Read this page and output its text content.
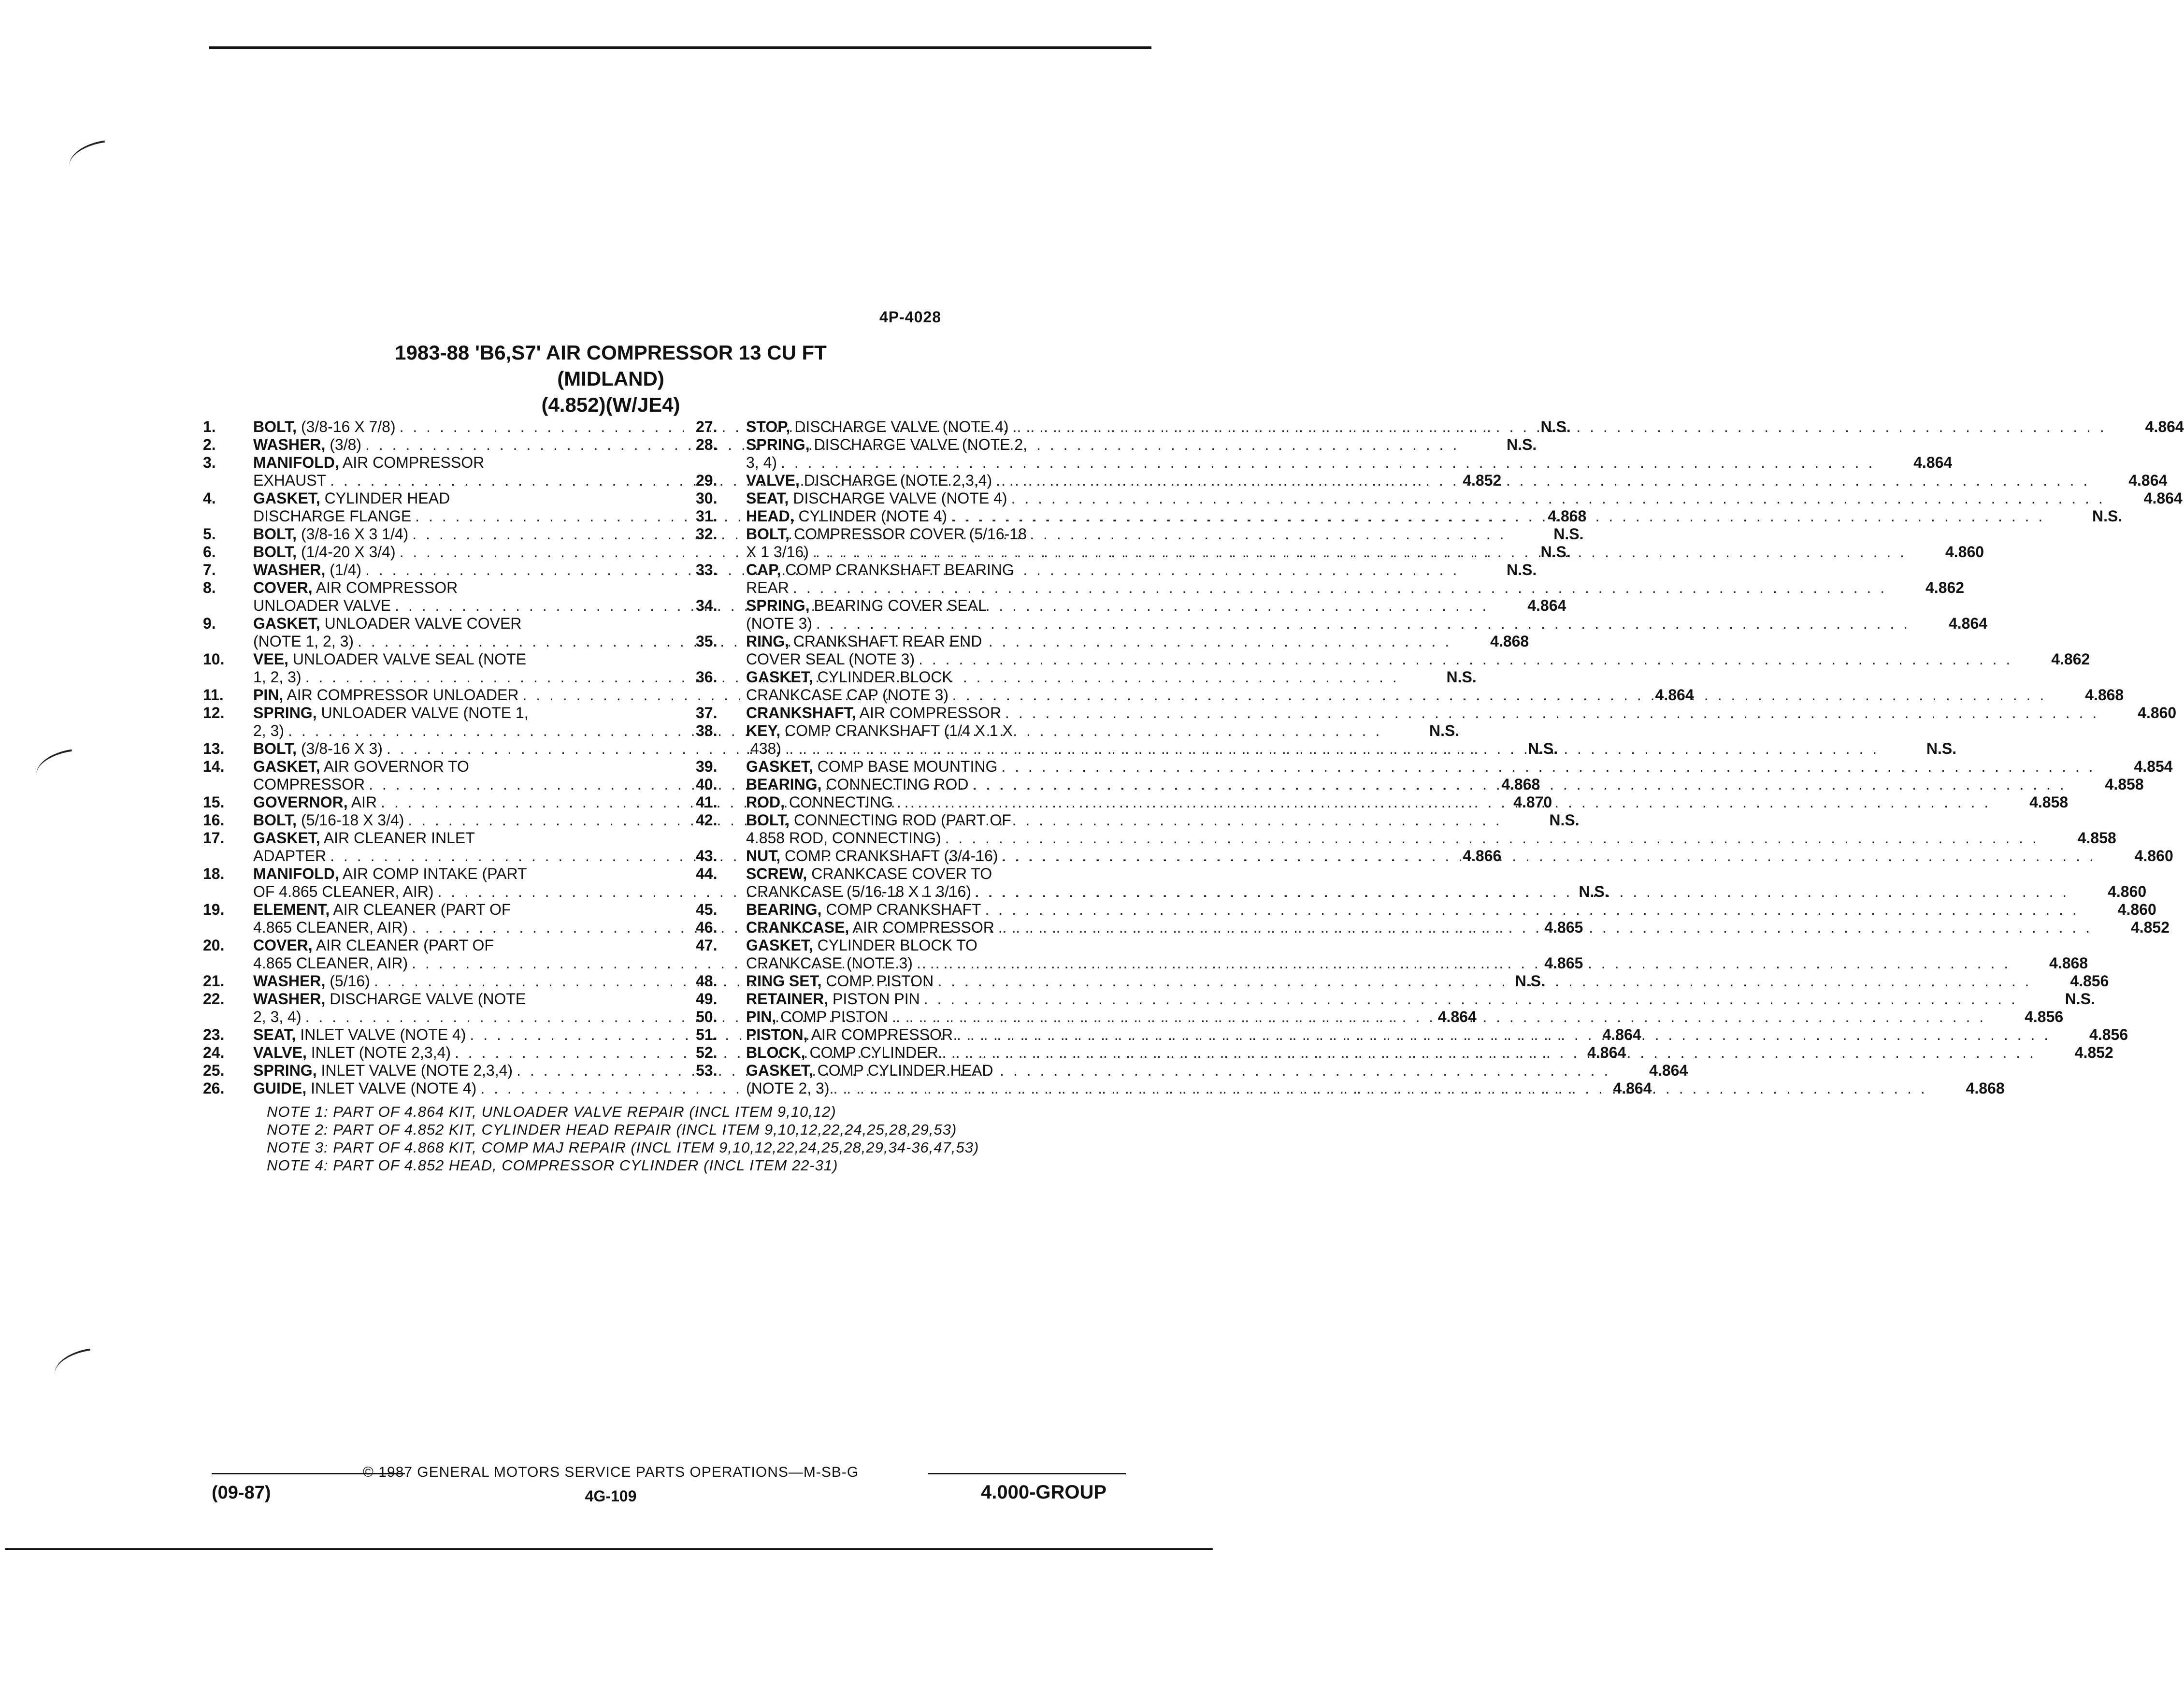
4P-4028
1983-88 'B6,S7' AIR COMPRESSOR 13 CU FT
(MIDLAND)
(4.852)(W/JE4)
1.	BOLT, (3/8-16 X 7/8) . . .	N.S.
2.	WASHER, (3/8) . . .	N.S.
3.	MANIFOLD, AIR COMPRESSOR
EXHAUST . . .	4.852
4.	GASKET, CYLINDER HEAD
DISCHARGE FLANGE . . .	4.868
5.	BOLT, (3/8-16 X 3 1/4) . . .	N.S.
6.	BOLT, (1/4-20 X 3/4) . . .	N.S.
7.	WASHER, (1/4) . . .	N.S.
8.	COVER, AIR COMPRESSOR
UNLOADER VALVE . . .	4.864
9.	GASKET, UNLOADER VALVE COVER
(NOTE 1, 2, 3) . . .	4.868
10.	VEE, UNLOADER VALVE SEAL (NOTE
1, 2, 3) . . .	N.S.
11.	PIN, AIR COMPRESSOR UNLOADER . . .	4.864
12.	SPRING, UNLOADER VALVE (NOTE 1,
2, 3) . . .	N.S.
13.	BOLT, (3/8-16 X 3) . . .	N.S.
14.	GASKET, AIR GOVERNOR TO
COMPRESSOR . . .	4.868
15.	GOVERNOR, AIR . . .	4.870
16.	BOLT, (5/16-18 X 3/4) . . .	N.S.
17.	GASKET, AIR CLEANER INLET
ADAPTER . . .	4.866
18.	MANIFOLD, AIR COMP INTAKE (PART
OF 4.865 CLEANER, AIR) . . .	N.S.
19.	ELEMENT, AIR CLEANER (PART OF
4.865 CLEANER, AIR) . . .	4.865
20.	COVER, AIR CLEANER (PART OF
4.865 CLEANER, AIR) . . .	4.865
21.	WASHER, (5/16) . . .	N.S.
22.	WASHER, DISCHARGE VALVE (NOTE
2, 3, 4) . . .	4.864
23.	SEAT, INLET VALVE (NOTE 4) . . .	4.864
24.	VALVE, INLET (NOTE 2,3,4) . . .	4.864
25.	SPRING, INLET VALVE (NOTE 2,3,4) . . .	4.864
26.	GUIDE, INLET VALVE (NOTE 4) . . .	4.864
27.	STOP, DISCHARGE VALVE (NOTE 4) . . .	4.864
28.	SPRING, DISCHARGE VALVE (NOTE 2,
3, 4) . . .	4.864
29.	VALVE, DISCHARGE (NOTE 2,3,4) . . .	4.864
30.	SEAT, DISCHARGE VALVE (NOTE 4) . . .	4.864
31.	HEAD, CYLINDER (NOTE 4) . . .	N.S.
32.	BOLT, COMPRESSOR COVER (5/16-18
X 1 3/16) . . .	4.860
33.	CAP, COMP CRANKSHAFT BEARING
REAR . . .	4.862
34.	SPRING, BEARING COVER SEAL
(NOTE 3) . . .	4.864
35.	RING, CRANKSHAFT REAR END
COVER SEAL (NOTE 3) . . .	4.862
36.	GASKET, CYLINDER BLOCK
CRANKCASE CAP (NOTE 3) . . .	4.868
37.	CRANKSHAFT, AIR COMPRESSOR . . .	4.860
38.	KEY, COMP CRANKSHAFT (1/4 X 1 X
.438) . . .	N.S.
39.	GASKET, COMP BASE MOUNTING . . .	4.854
40.	BEARING, CONNECTING ROD . . .	4.858
41.	ROD, CONNECTING . . .	4.858
42.	BOLT, CONNECTING ROD (PART OF
4.858 ROD, CONNECTING) . . .	4.858
43.	NUT, COMP CRANKSHAFT (3/4-16) . . .	4.860
44.	SCREW, CRANKCASE COVER TO
CRANKCASE (5/16-18 X 1 3/16) . . .	4.860
45.	BEARING, COMP CRANKSHAFT . . .	4.860
46.	CRANKCASE, AIR COMPRESSOR . . .	4.852
47.	GASKET, CYLINDER BLOCK TO
CRANKCASE (NOTE 3) . . .	4.868
48.	RING SET, COMP PISTON . . .	4.856
49.	RETAINER, PISTON PIN . . .	N.S.
50.	PIN, COMP PISTON . . .	4.856
51.	PISTON, AIR COMPRESSOR . . .	4.856
52.	BLOCK, COMP CYLINDER . . .	4.852
53.	GASKET, COMP CYLINDER HEAD
(NOTE 2, 3) . . .	4.868
NOTE 1: PART OF 4.864 KIT, UNLOADER VALVE REPAIR (INCL ITEM 9,10,12)
NOTE 2: PART OF 4.852 KIT, CYLINDER HEAD REPAIR (INCL ITEM 9,10,12,22,24,25,28,29,53)
NOTE 3: PART OF 4.868 KIT, COMP MAJ REPAIR (INCL ITEM 9,10,12,22,24,25,28,29,34-36,47,53)
NOTE 4: PART OF 4.852 HEAD, COMPRESSOR CYLINDER (INCL ITEM 22-31)
© 1987 GENERAL MOTORS SERVICE PARTS OPERATIONS—M-SB-G
(09-87)	4G-109	4.000-GROUP
